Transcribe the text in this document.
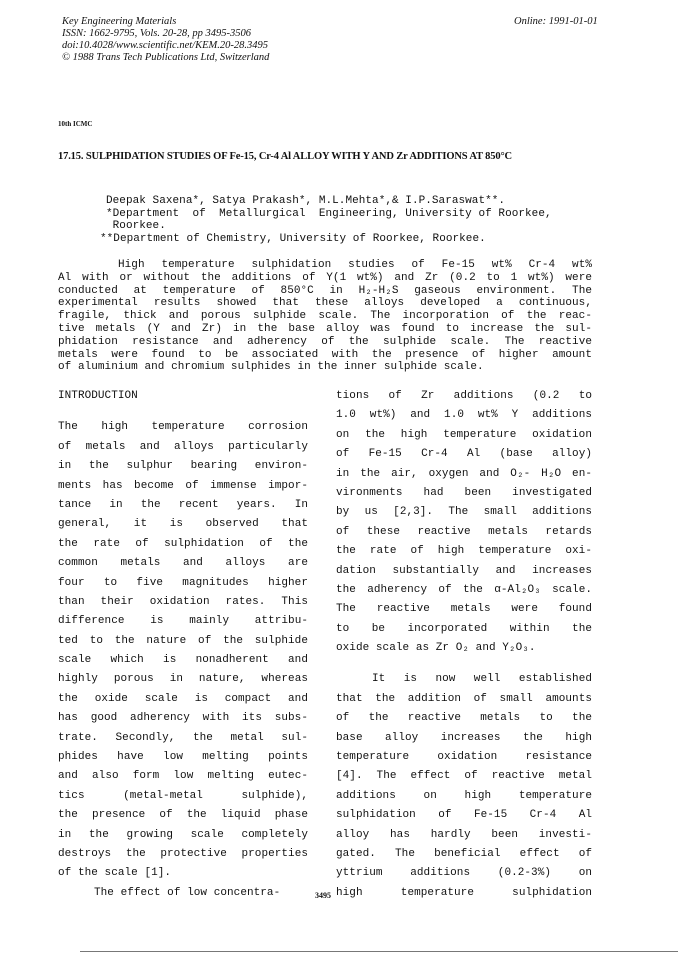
Key Engineering Materials
ISSN: 1662-9795, Vols. 20-28, pp 3495-3506
doi:10.4028/www.scientific.net/KEM.20-28.3495
© 1988 Trans Tech Publications Ltd, Switzerland
Online: 1991-01-01
10th ICMC
17.15. SULPHIDATION STUDIES OF Fe-15, Cr-4 Al ALLOY WITH Y AND Zr ADDITIONS AT 850°C
Deepak Saxena*, Satya Prakash*, M.L.Mehta*,& I.P.Saraswat**.
*Department  of  Metallurgical  Engineering, University of Roorkee,
Roorkee.
**Department of Chemistry, University of Roorkee, Roorkee.
High temperature sulphidation studies of Fe-15 wt% Cr-4 wt%
Al with or without the additions of Y(1 wt%) and Zr (0.2 to 1 wt%) were
conducted at temperature of 850°C in H₂-H₂S gaseous environment. The
experimental results showed that these alloys developed a continuous,
fragile, thick and porous sulphide scale. The incorporation of the reac-
tive metals (Y and Zr) in the base alloy was found to increase the sul-
phidation resistance and adherency of the sulphide scale. The reactive
metals were found to be associated with the presence of higher amount
of aluminium and chromium sulphides in the inner sulphide scale.
INTRODUCTION
The high temperature corrosion
of metals and alloys particularly
in the sulphur bearing environ-
ments has become of immense impor-
tance in the recent years. In
general, it is observed that
the rate of sulphidation of the
common metals and alloys are
four to five magnitudes higher
than their oxidation rates. This
difference is mainly attribu-
ted to the nature of the sulphide
scale which is nonadherent and
highly porous in nature, whereas
the oxide scale is compact and
has good adherency with its subs-
trate. Secondly, the metal sul-
phides have low melting points
and also form low melting eutec-
tics (metal-metal sulphide),
the presence of the liquid phase
in the growing scale completely
destroys the protective properties
of the scale [1].
The effect of low concentra-
tions of Zr additions (0.2 to
1.0 wt%) and 1.0 wt% Y additions
on the high temperature oxidation
of Fe-15 Cr-4 Al (base alloy)
in the air, oxygen and O₂- H₂O en-
vironments had been investigated
by us [2,3]. The small additions
of these reactive metals retards
the rate of high temperature oxi-
dation substantially and increases
the adherency of the α-Al₂O₃ scale.
The reactive metals were found
to be incorporated within the
oxide scale as Zr O₂ and Y₂O₃.
It is now well established
that the addition of small amounts
of the reactive metals to the
base alloy increases the high
temperature oxidation resistance
[4]. The effect of reactive metal
additions on high temperature
sulphidation of Fe-15 Cr-4 Al
alloy has hardly been investi-
gated. The beneficial effect of
yttrium additions (0.2-3%) on
high temperature sulphidation
3495
